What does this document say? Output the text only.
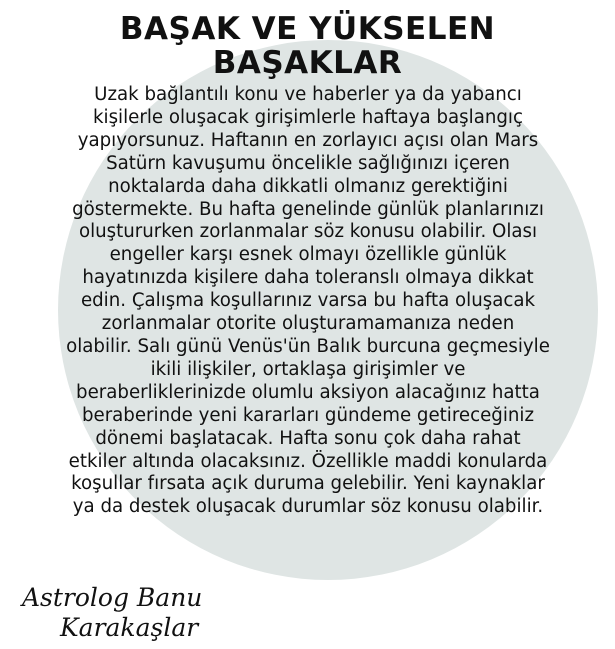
BAŞAK VE YÜKSELEN
BAŞAKLAR
Uzak bağlantılı konu ve haberler ya da yabancı
kişilerle oluşacak girişimlerle haftaya başlangıç
yapıyorsunuz. Haftanın en zorlayıcı açısı olan Mars
Satürn kavuşumu öncelikle sağlığınızı içeren
noktalarda daha dikkatli olmanız gerektiğini
göstermekte. Bu hafta genelinde günlük planlarınızı
oluştururken zorlanmalar söz konusu olabilir. Olası
engeller karşı esnek olmayı özellikle günlük
hayatınızda kişilere daha toleranslı olmaya dikkat
edin. Çalışma koşullarınız varsa bu hafta oluşacak
zorlanmalar otorite oluşturamamanıza neden
olabilir. Salı günü Venüs'ün Balık burcuna geçmesiyle
ikili ilişkiler, ortaklaşa girişimler ve
beraberliklerinizde olumlu aksiyon alacağınız hatta
beraberinde yeni kararları gündeme getireceğiniz
dönemi başlatacak. Hafta sonu çok daha rahat
etkiler altında olacaksınız. Özellikle maddi konularda
koşullar fırsata açık duruma gelebilir. Yeni kaynaklar
ya da destek oluşacak durumlar söz konusu olabilir.
Astrolog Banu
Karakaşlar
